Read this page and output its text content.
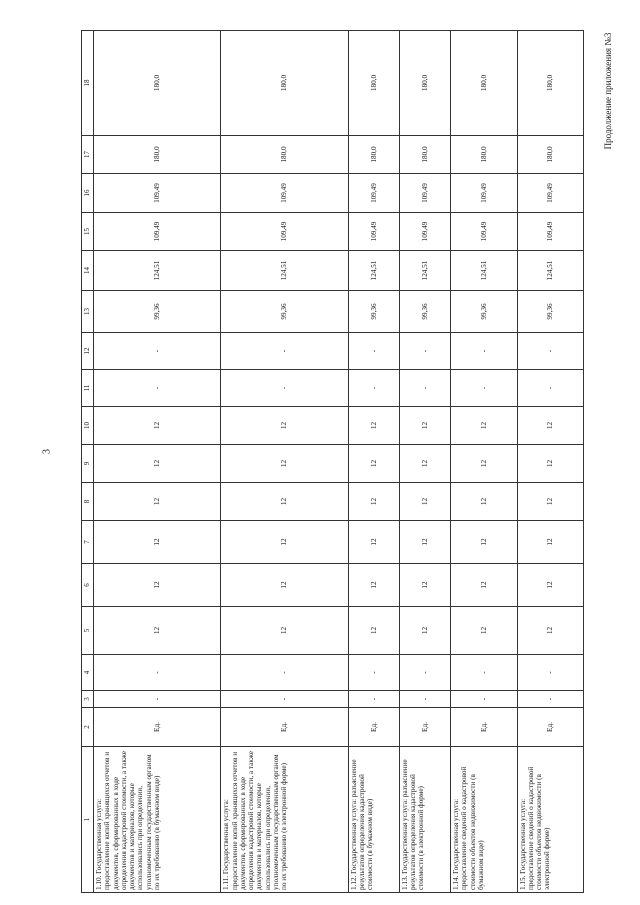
3
Продолжение приложения №3
1	2	3	4	5	6	7	8	9	10	11	12	13	14	15	16	17	18
1.10. Государственная услуга: предоставление копий хранящихся отчетов и документов, сформированных в ходе определения кадастровой стоимости, а также документов и материалов, которые использовались при определении, уполномоченным государственным органом по их требованию (в бумажном виде)	Ед.	-	-	12	12	12	12	12	12	-	-	99,36	124,51	109,49	109,49	180,0	180,0
1.11. Государственная услуга: предоставление копий хранящихся отчетов и документов, сформированных в ходе определения кадастровой стоимости, а также документов и материалов, которые использовались при определении, уполномоченным государственным органом по их требованию (в электронной форме)	Ед.	-	-	12	12	12	12	12	12	-	-	99,36	124,51	109,49	109,49	180,0	180,0
1.12. Государственная услуга: разъяснение результатов определения кадастровой стоимости (в бумажном виде)	Ед.	-	-	12	12	12	12	12	12	-	-	99,36	124,51	109,49	109,49	180,0	180,0
1.13. Государственная услуга: разъяснение результатов определения кадастровой стоимости (в электронной форме)	Ед.	-	-	12	12	12	12	12	12	-	-	99,36	124,51	109,49	109,49	180,0	180,0
1.14. Государственная услуга: предоставление сведений о кадастровой стоимости объектов недвижимости (в бумажном виде)	Ед.	-	-	12	12	12	12	12	12	-	-	99,36	124,51	109,49	109,49	180,0	180,0
1.15. Государственная услуга: предоставление сведений о кадастровой стоимости объектов недвижимости (в электронной форме)	Ед.	-	-	12	12	12	12	12	12	-	-	99,36	124,51	109,49	109,49	180,0	180,0
